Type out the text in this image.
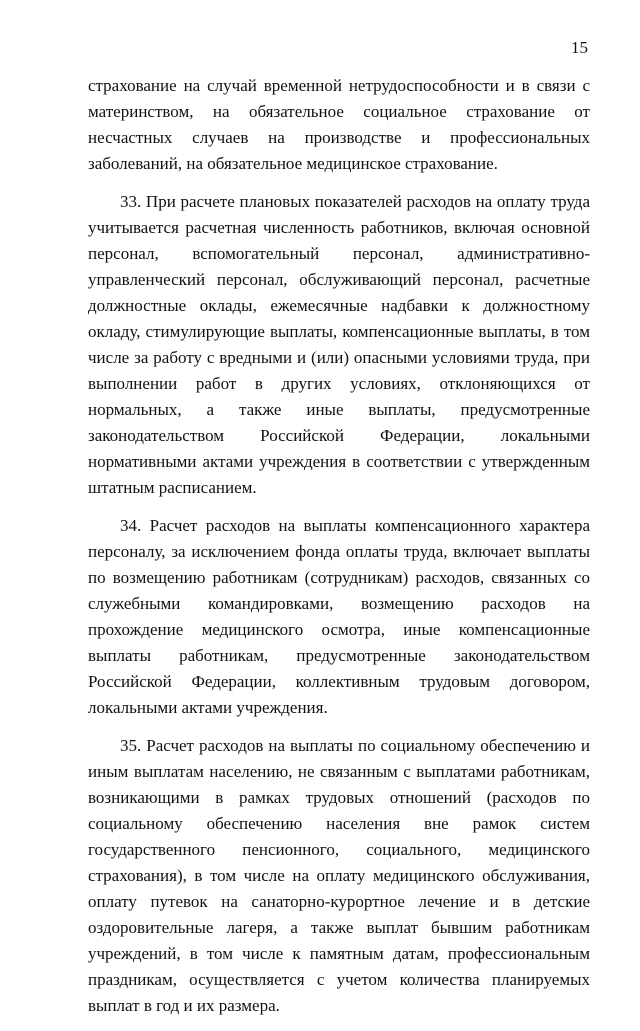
15

страхование на случай временной нетрудоспособности и в связи с материнством, на обязательное социальное страхование от несчастных случаев на производстве и профессиональных заболеваний, на обязательное медицинское страхование.

33. При расчете плановых показателей расходов на оплату труда учитывается расчетная численность работников, включая основной персонал, вспомогательный персонал, административно-управленческий персонал, обслуживающий персонал, расчетные должностные оклады, ежемесячные надбавки к должностному окладу, стимулирующие выплаты, компенсационные выплаты, в том числе за работу с вредными и (или) опасными условиями труда, при выполнении работ в других условиях, отклоняющихся от нормальных, а также иные выплаты, предусмотренные законодательством Российской Федерации, локальными нормативными актами учреждения в соответствии с утвержденным штатным расписанием.

34. Расчет расходов на выплаты компенсационного характера персоналу, за исключением фонда оплаты труда, включает выплаты по возмещению работникам (сотрудникам) расходов, связанных со служебными командировками, возмещению расходов на прохождение медицинского осмотра, иные компенсационные выплаты работникам, предусмотренные законодательством Российской Федерации, коллективным трудовым договором, локальными актами учреждения.

35. Расчет расходов на выплаты по социальному обеспечению и иным выплатам населению, не связанным с выплатами работникам, возникающими в рамках трудовых отношений (расходов по социальному обеспечению населения вне рамок систем государственного пенсионного, социального, медицинского страхования), в том числе на оплату медицинского обслуживания, оплату путевок на санаторно-курортное лечение и в детские оздоровительные лагеря, а также выплат бывшим работникам учреждений, в том числе к памятным датам, профессиональным праздникам, осуществляется с учетом количества планируемых выплат в год и их размера.
